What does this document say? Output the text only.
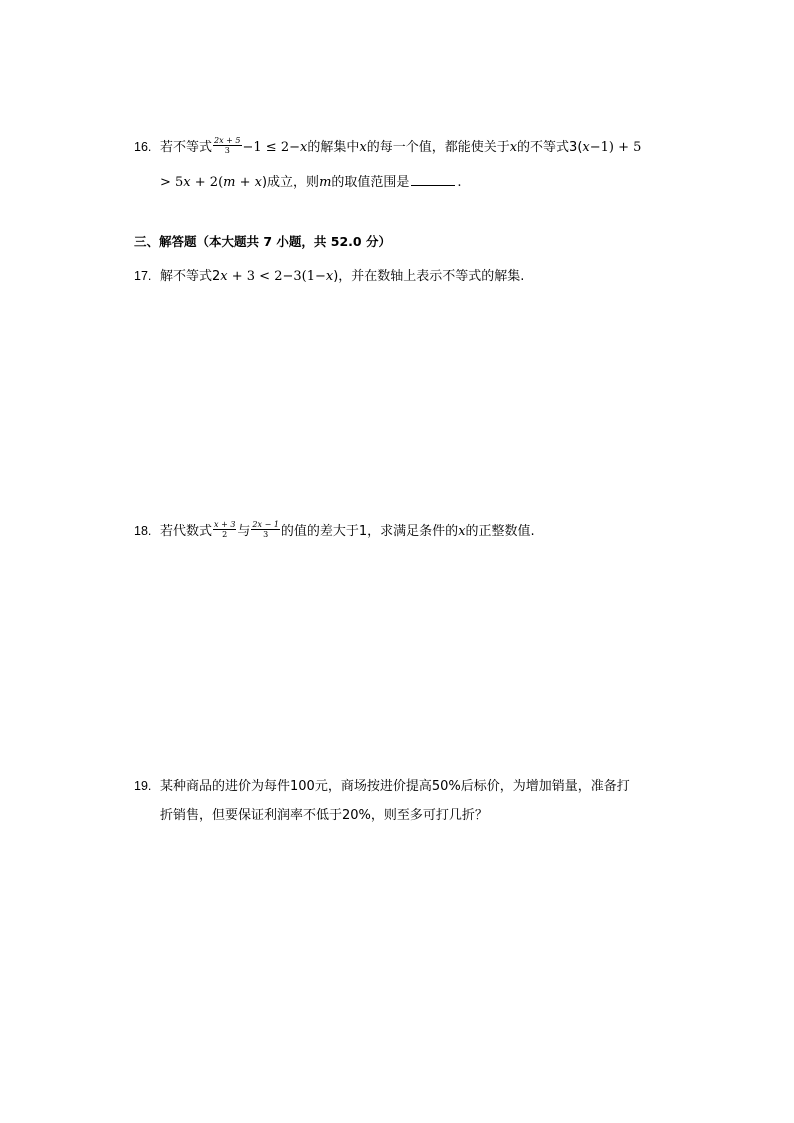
16. 若不等式 $\frac{2x + 5}{3} -1 \le 2-x$的解集中x的每一个值，都能使关于x的不等式3(x−1) + 5
> 5x + 2(m + x)成立，则m的取值范围是	.
三、解答题（本大题共 7 小题，共 52.0 分）
17. 解不等式2x + 3 < 2−3(1−x)，并在数轴上表示不等式的解集.
18. 若代数式 $\frac{x + 3}{2}$ 与 $\frac{2x - 1}{3}$ 的值的差大于1，求满足条件的x的正整数值.
19. 某种商品的进价为每件100元，商场按进价提高50%后标价，为增加销量，准备打
折销售，但要保证利润率不低于20%，则至多可打几折？
